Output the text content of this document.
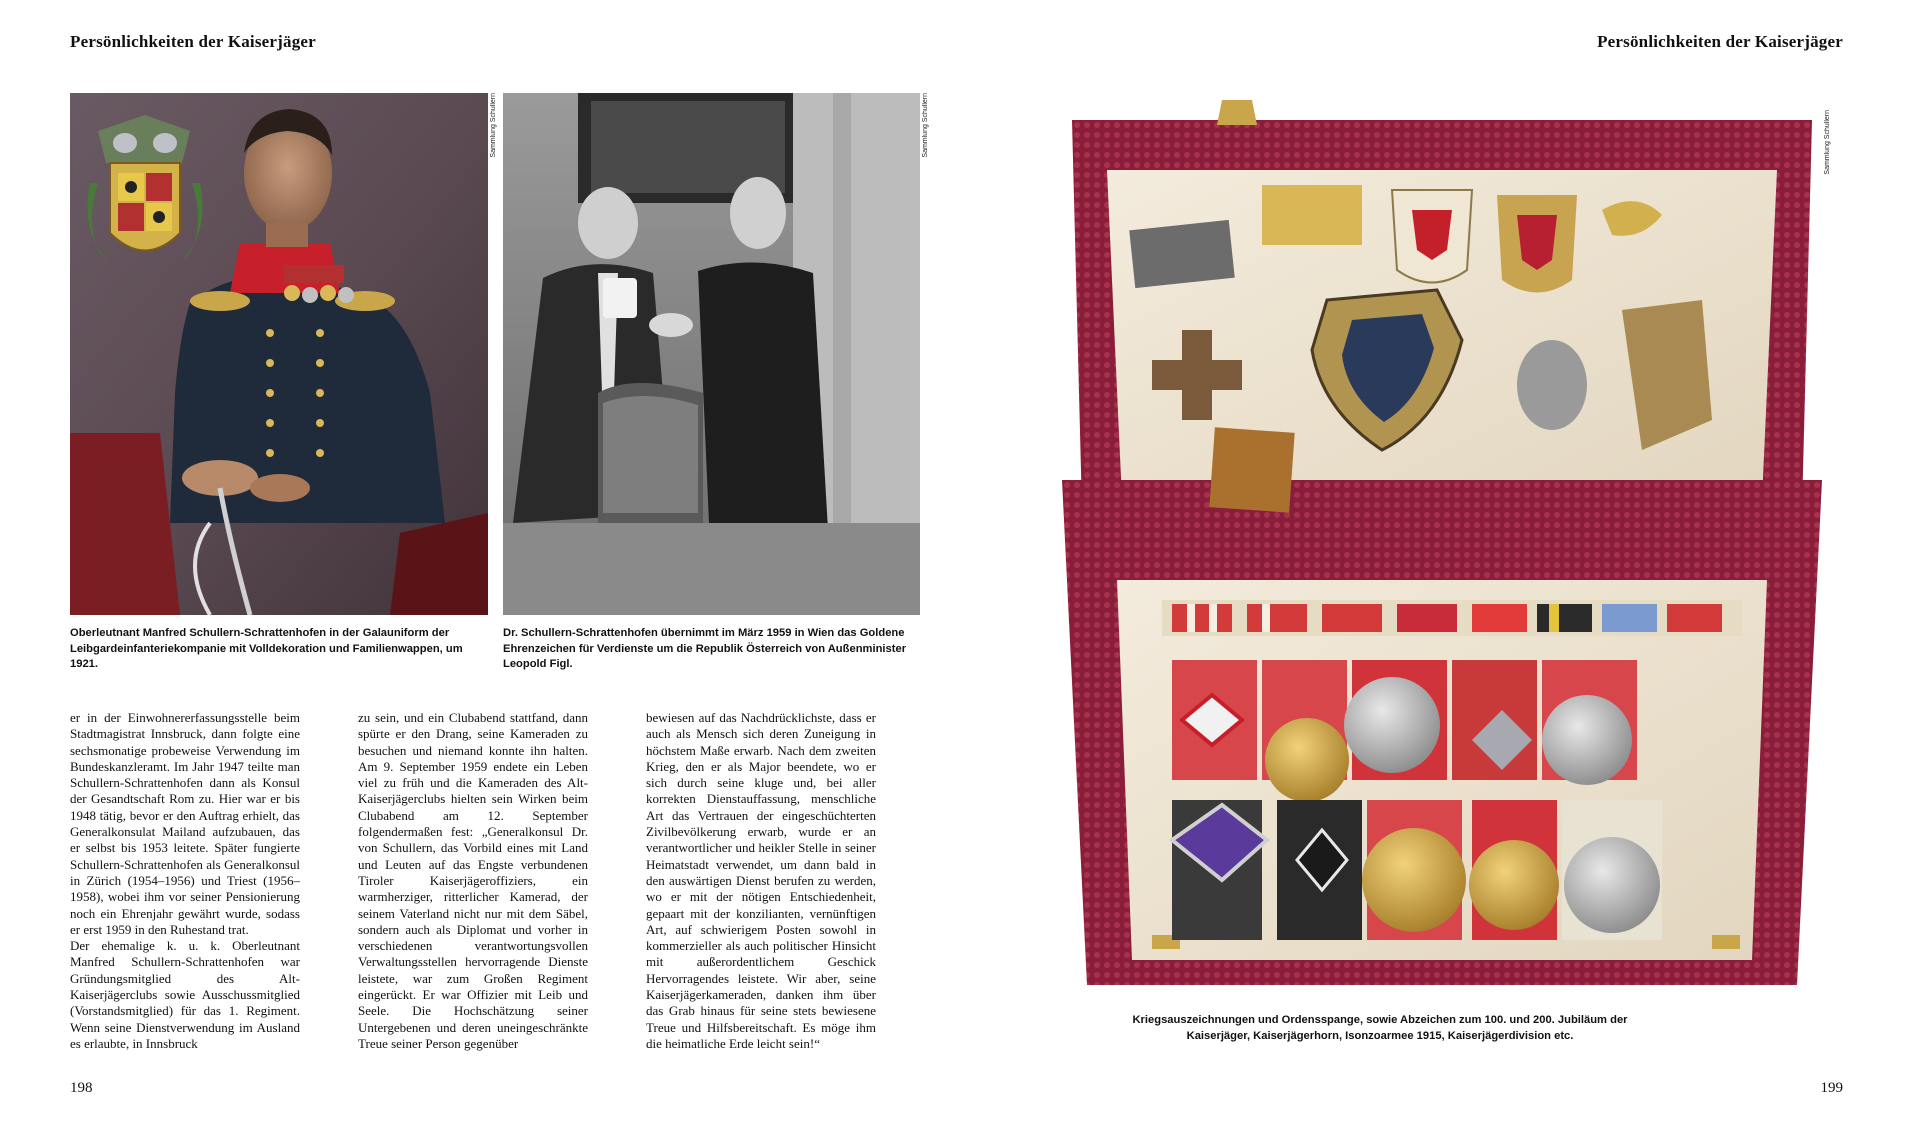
Persönlichkeiten der Kaiserjäger	Persönlichkeiten der Kaiserjäger
Sammlung Schullern	Sammlung Schullern
Oberleutnant Manfred Schullern-Schrattenhofen in der Galauniform der Leibgardeinfanteriekompanie mit Volldekoration und Familienwappen, um 1921.
Dr. Schullern-Schrattenhofen übernimmt im März 1959 in Wien das Goldene Ehrenzeichen für Verdienste um die Republik Österreich von Außenminister Leopold Figl.

er in der Einwohnererfassungsstelle beim Stadtmagistrat Innsbruck, dann folgte eine sechsmonatige probeweise Verwendung im Bundeskanzleramt. Im Jahr 1947 teilte man Schullern-Schrattenhofen dann als Konsul der Gesandtschaft Rom zu. Hier war er bis 1948 tätig, bevor er den Auftrag erhielt, das Generalkonsulat Mailand aufzubauen, das er selbst bis 1953 leitete. Später fungierte Schullern-Schrattenhofen als Generalkonsul in Zürich (1954–1956) und Triest (1956–1958), wobei ihm vor seiner Pensionierung noch ein Ehrenjahr gewährt wurde, sodass er erst 1959 in den Ruhestand trat.

Der ehemalige k. u. k. Oberleutnant Manfred Schullern-Schrattenhofen war Gründungsmitglied des Alt-Kaiserjägerclubs sowie Ausschussmitglied (Vorstandsmitglied) für das 1. Regiment. Wenn seine Dienstverwendung im Ausland es erlaubte, in Innsbruck

zu sein, und ein Clubabend stattfand, dann spürte er den Drang, seine Kameraden zu besuchen und niemand konnte ihn halten. Am 9. September 1959 endete ein Leben viel zu früh und die Kameraden des Alt-Kaiserjägerclubs hielten sein Wirken beim Clubabend am 12. September folgendermaßen fest: „Generalkonsul Dr. von Schullern, das Vorbild eines mit Land und Leuten auf das Engste verbundenen Tiroler Kaiserjägeroffiziers, ein warmherziger, ritterlicher Kamerad, der seinem Vaterland nicht nur mit dem Säbel, sondern auch als Diplomat und vorher in verschiedenen verantwortungsvollen Verwaltungsstellen hervorragende Dienste leistete, war zum Großen Regiment eingerückt. Er war Offizier mit Leib und Seele. Die Hochschätzung seiner Untergebenen und deren uneingeschränkte Treue seiner Person gegenüber

bewiesen auf das Nachdrücklichste, dass er auch als Mensch sich deren Zuneigung in höchstem Maße erwarb. Nach dem zweiten Krieg, den er als Major beendete, wo er sich durch seine kluge und, bei aller korrekten Dienstauffassung, menschliche Art das Vertrauen der eingeschüchterten Zivilbevölkerung erwarb, wurde er an verantwortlicher und heikler Stelle in seiner Heimatstadt verwendet, um dann bald in den auswärtigen Dienst berufen zu werden, wo er mit der nötigen Entschiedenheit, gepaart mit der konzilianten, vernünftigen Art, auf schwierigem Posten sowohl in kommerzieller als auch politischer Hinsicht mit außerordentlichem Geschick Hervorragendes leistete. Wir aber, seine Kaiserjägerkameraden, danken ihm über das Grab hinaus für seine stets bewiesene Treue und Hilfsbereitschaft. Es möge ihm die heimatliche Erde leicht sein!“

Sammlung Schullern
Kriegsauszeichnungen und Ordensspange, sowie Abzeichen zum 100. und 200. Jubiläum der Kaiserjäger, Kaiserjägerhorn, Isonzoarmee 1915, Kaiserjägerdivision etc.
198	199
